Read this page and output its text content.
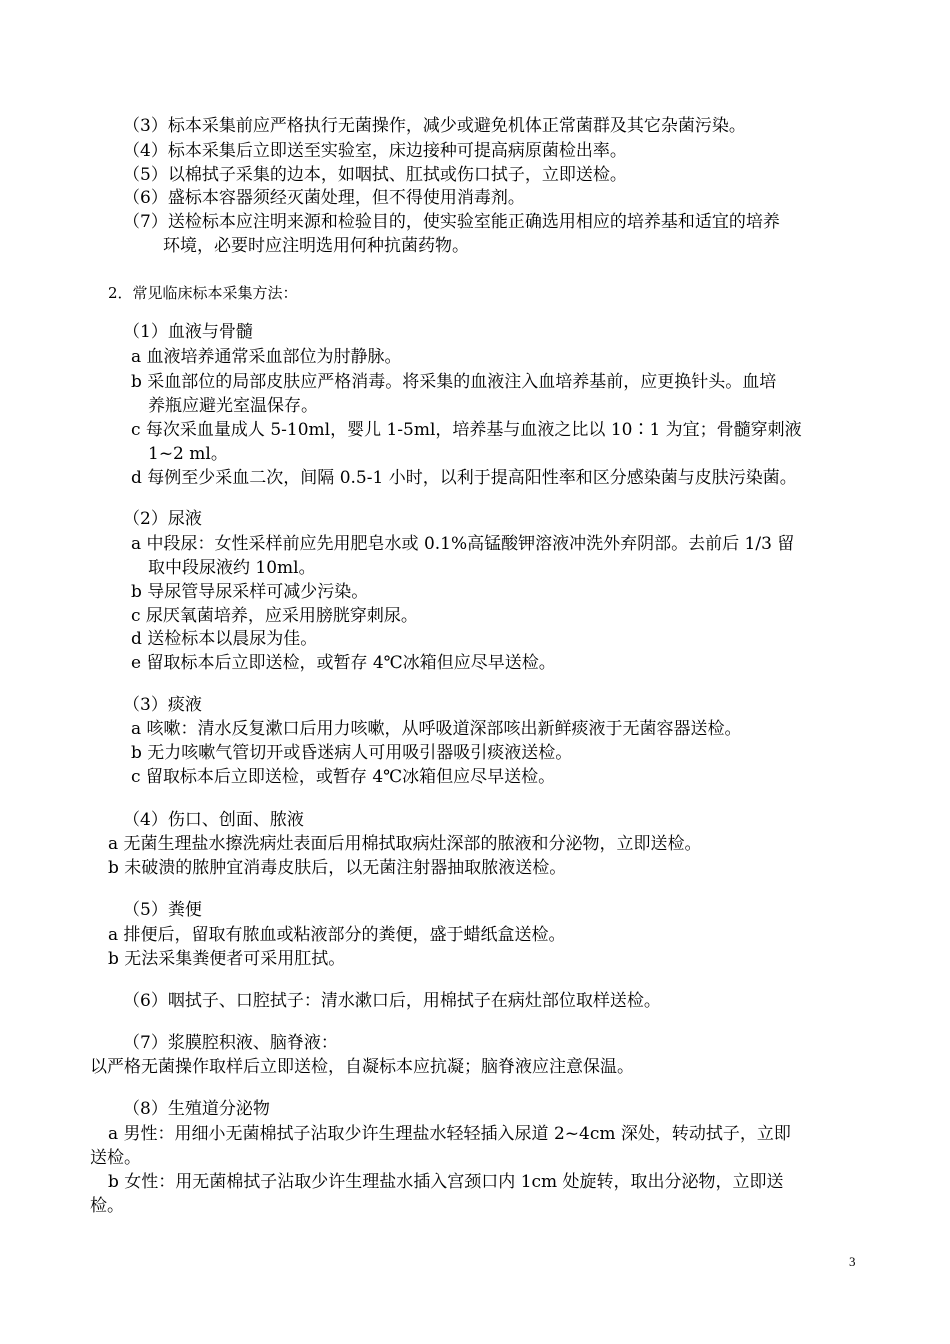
（3）标本采集前应严格执行无菌操作，减少或避免机体正常菌群及其它杂菌污染。
（4）标本采集后立即送至实验室，床边接种可提高病原菌检出率。
（5）以棉拭子采集的边本，如咽拭、肛拭或伤口拭子，立即送检。
（6）盛标本容器须经灭菌处理，但不得使用消毒剂。
（7）送检标本应注明来源和检验目的，使实验室能正确选用相应的培养基和适宜的培养
环境，必要时应注明选用何种抗菌药物。
2．常见临床标本采集方法：
（1）血液与骨髓
a 血液培养通常采血部位为肘静脉。
b 采血部位的局部皮肤应严格消毒。将采集的血液注入血培养基前，应更换针头。血培
养瓶应避光室温保存。
c 每次采血量成人 5-10ml，婴儿 1-5ml，培养基与血液之比以 10∶1 为宜；骨髓穿刺液
1~2 ml。
d 每例至少采血二次，间隔 0.5-1 小时，以利于提高阳性率和区分感染菌与皮肤污染菌。
（2）尿液
a 中段尿：女性采样前应先用肥皂水或 0.1%高锰酸钾溶液冲洗外弃阴部。去前后 1/3 留
取中段尿液约 10ml。
b 导尿管导尿采样可减少污染。
c 尿厌氧菌培养，应采用膀胱穿刺尿。
d 送检标本以晨尿为佳。
e 留取标本后立即送检，或暂存 4℃冰箱但应尽早送检。
（3）痰液
a 咳嗽：清水反复漱口后用力咳嗽，从呼吸道深部咳出新鲜痰液于无菌容器送检。
b 无力咳嗽气管切开或昏迷病人可用吸引器吸引痰液送检。
c 留取标本后立即送检，或暂存 4℃冰箱但应尽早送检。
（4）伤口、创面、脓液
a 无菌生理盐水擦洗病灶表面后用棉拭取病灶深部的脓液和分泌物，立即送检。
b 未破溃的脓肿宜消毒皮肤后，以无菌注射器抽取脓液送检。
（5）粪便
a 排便后，留取有脓血或粘液部分的粪便，盛于蜡纸盒送检。
b 无法采集粪便者可采用肛拭。
（6）咽拭子、口腔拭子：清水漱口后，用棉拭子在病灶部位取样送检。
（7）浆膜腔积液、脑脊液：
以严格无菌操作取样后立即送检，自凝标本应抗凝；脑脊液应注意保温。
（8）生殖道分泌物
a 男性：用细小无菌棉拭子沾取少许生理盐水轻轻插入尿道 2~4cm 深处，转动拭子，立即
送检。
b 女性：用无菌棉拭子沾取少许生理盐水插入宫颈口内 1cm 处旋转，取出分泌物，立即送
检。
3
